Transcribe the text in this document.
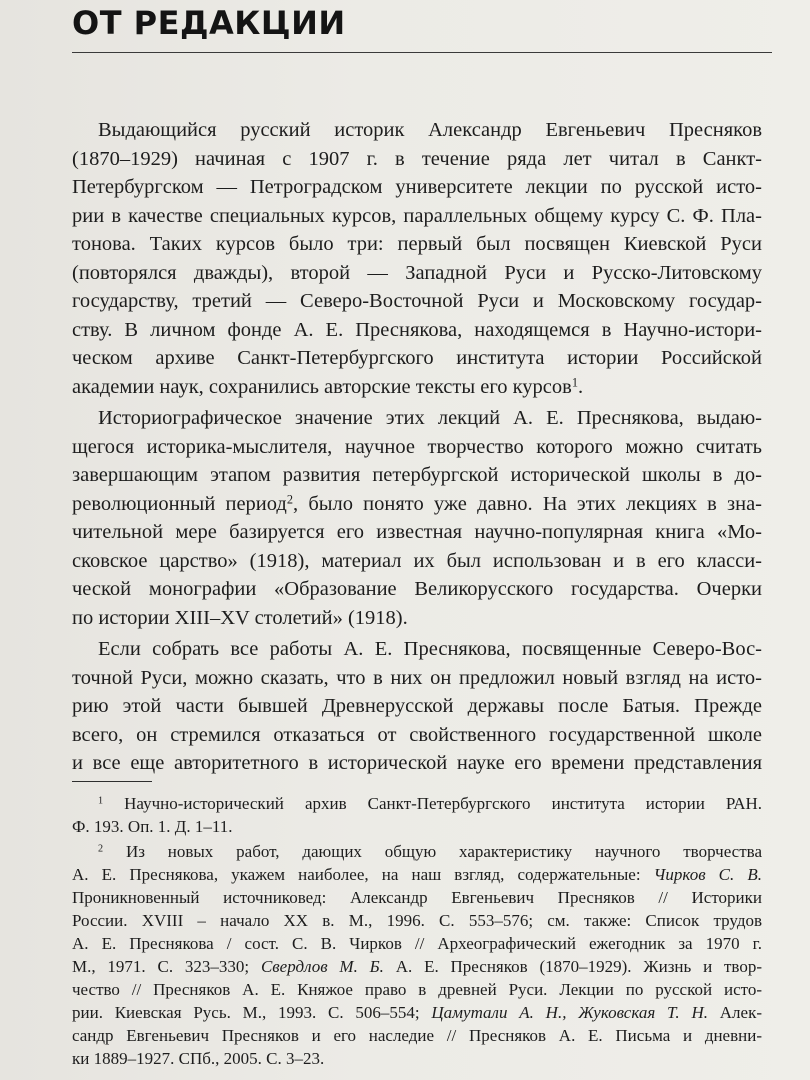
ОТ РЕДАКЦИИ
Выдающийся русский историк Александр Евгеньевич Пресняков
(1870–1929) начиная с 1907 г. в течение ряда лет читал в Санкт-
Петербургском — Петроградском университете лекции по русской исто-
рии в качестве специальных курсов, параллельных общему курсу С. Ф. Пла-
тонова. Таких курсов было три: первый был посвящен Киевской Руси
(повторялся дважды), второй — Западной Руси и Русско-Литовскому
государству, третий — Северо-Восточной Руси и Московскому государ-
ству. В личном фонде А. Е. Преснякова, находящемся в Научно-истори-
ческом архиве Санкт-Петербургского института истории Российской
академии наук, сохранились авторские тексты его курсов$^1$.
Историографическое значение этих лекций А. Е. Преснякова, выдаю-
щегося историка-мыслителя, научное творчество которого можно считать
завершающим этапом развития петербургской исторической школы в до-
революционный период$^2$, было понято уже давно. На этих лекциях в зна-
чительной мере базируется его известная научно-популярная книга «Мо-
сковское царство» (1918), материал их был использован и в его класси-
ческой монографии «Образование Великорусского государства. Очерки
по истории XIII–XV столетий» (1918).
Если собрать все работы А. Е. Преснякова, посвященные Северо-Вос-
точной Руси, можно сказать, что в них он предложил новый взгляд на исто-
рию этой части бывшей Древнерусской державы после Батыя. Прежде
всего, он стремился отказаться от свойственного государственной школе
и все еще авторитетного в исторической науке его времени представления
$^1$ Научно-исторический архив Санкт-Петербургского института истории РАН.
Ф. 193. Оп. 1. Д. 1–11.
$^2$ Из новых работ, дающих общую характеристику научного творчества
А. Е. Преснякова, укажем наиболее, на наш взгляд, содержательные: Чирков С. В.
Проникновенный источниковед: Александр Евгеньевич Пресняков // Историки
России. XVIII – начало XX в. М., 1996. С. 553–576; см. также: Список трудов
А. Е. Преснякова / сост. С. В. Чирков // Археографический ежегодник за 1970 г.
М., 1971. С. 323–330; Свердлов М. Б. А. Е. Пресняков (1870–1929). Жизнь и твор-
чество // Пресняков А. Е. Княжое право в древней Руси. Лекции по русской исто-
рии. Киевская Русь. М., 1993. С. 506–554; Цамутали А. Н., Жуковская Т. Н. Алек-
сандр Евгеньевич Пресняков и его наследие // Пресняков А. Е. Письма и дневни-
ки 1889–1927. СПб., 2005. С. 3–23.
